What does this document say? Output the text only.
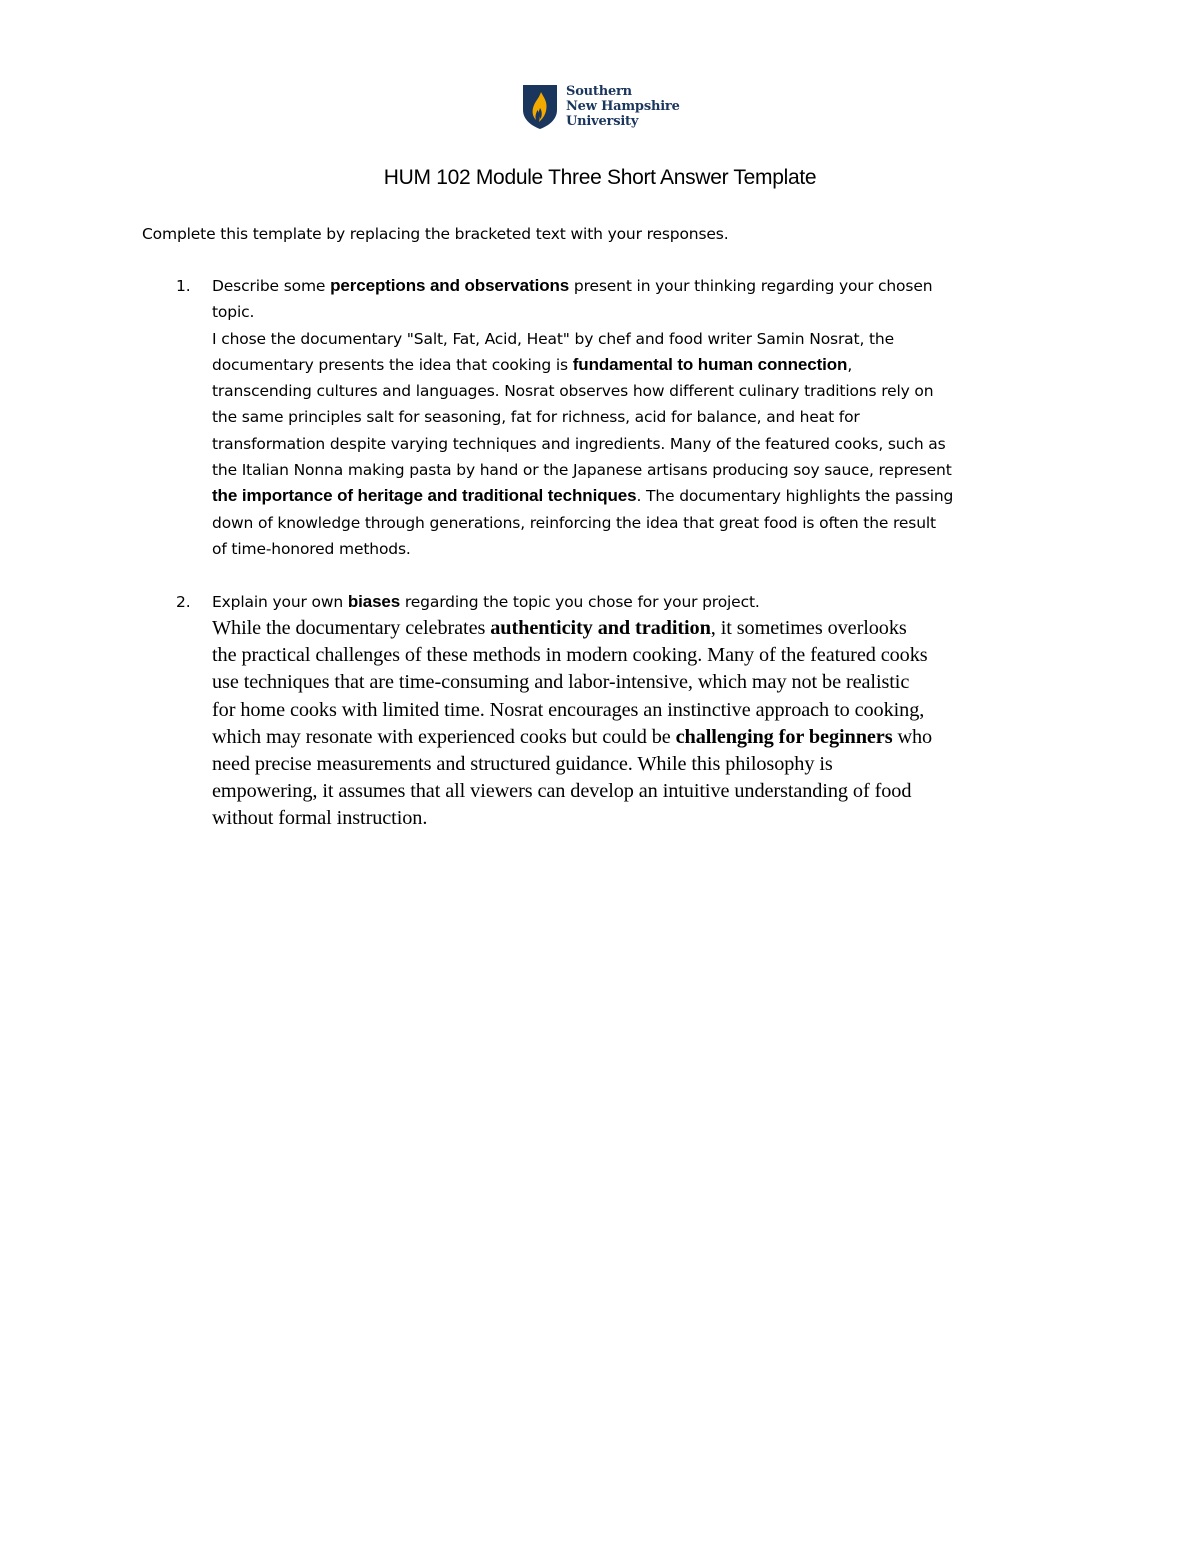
Southern
New Hampshire
University
HUM 102 Module Three Short Answer Template
Complete this template by replacing the bracketed text with your responses.
1. Describe some perceptions and observations present in your thinking regarding your chosen
topic.
I chose the documentary "Salt, Fat, Acid, Heat" by chef and food writer Samin Nosrat, the
documentary presents the idea that cooking is fundamental to human connection,
transcending cultures and languages. Nosrat observes how different culinary traditions rely on
the same principles salt for seasoning, fat for richness, acid for balance, and heat for
transformation despite varying techniques and ingredients. Many of the featured cooks, such as
the Italian Nonna making pasta by hand or the Japanese artisans producing soy sauce, represent
the importance of heritage and traditional techniques. The documentary highlights the passing
down of knowledge through generations, reinforcing the idea that great food is often the result
of time-honored methods.
2. Explain your own biases regarding the topic you chose for your project.
While the documentary celebrates authenticity and tradition, it sometimes overlooks
the practical challenges of these methods in modern cooking. Many of the featured cooks
use techniques that are time-consuming and labor-intensive, which may not be realistic
for home cooks with limited time. Nosrat encourages an instinctive approach to cooking,
which may resonate with experienced cooks but could be challenging for beginners who
need precise measurements and structured guidance. While this philosophy is
empowering, it assumes that all viewers can develop an intuitive understanding of food
without formal instruction.
